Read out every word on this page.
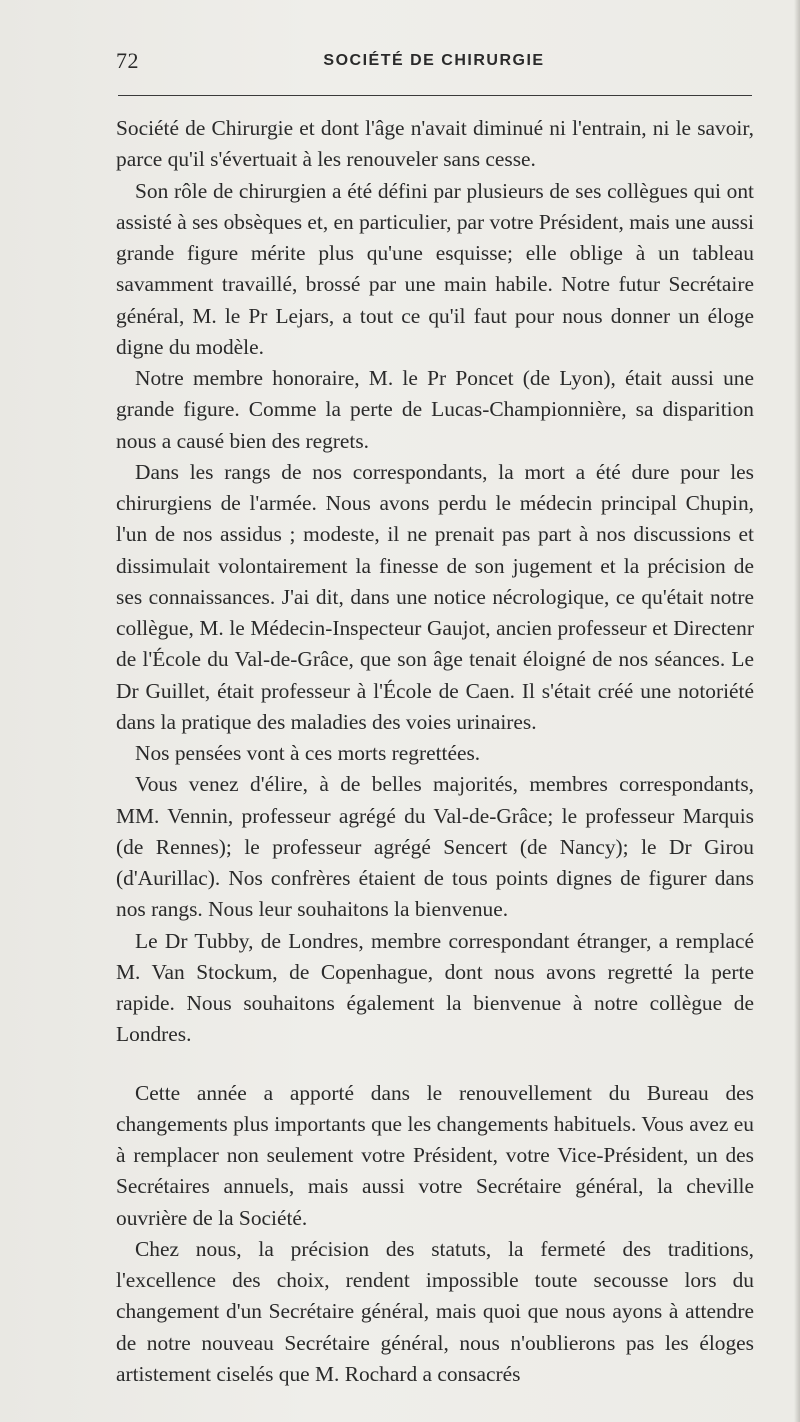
72	SOCIÉTÉ DE CHIRURGIE

Société de Chirurgie et dont l'âge n'avait diminué ni l'entrain, ni le savoir, parce qu'il s'évertuait à les renouveler sans cesse.

Son rôle de chirurgien a été défini par plusieurs de ses collègues qui ont assisté à ses obsèques et, en particulier, par votre Président, mais une aussi grande figure mérite plus qu'une esquisse; elle oblige à un tableau savamment travaillé, brossé par une main habile. Notre futur Secrétaire général, M. le Pr Lejars, a tout ce qu'il faut pour nous donner un éloge digne du modèle.

Notre membre honoraire, M. le Pr Poncet (de Lyon), était aussi une grande figure. Comme la perte de Lucas-Championnière, sa disparition nous a causé bien des regrets.

Dans les rangs de nos correspondants, la mort a été dure pour les chirurgiens de l'armée. Nous avons perdu le médecin principal Chupin, l'un de nos assidus ; modeste, il ne prenait pas part à nos discussions et dissimulait volontairement la finesse de son jugement et la précision de ses connaissances. J'ai dit, dans une notice nécrologique, ce qu'était notre collègue, M. le Médecin-Inspecteur Gaujot, ancien professeur et Directenr de l'École du Val-de-Grâce, que son âge tenait éloigné de nos séances. Le Dr Guillet, était professeur à l'École de Caen. Il s'était créé une notoriété dans la pratique des maladies des voies urinaires.

Nos pensées vont à ces morts regrettées.

Vous venez d'élire, à de belles majorités, membres correspondants, MM. Vennin, professeur agrégé du Val-de-Grâce; le professeur Marquis (de Rennes); le professeur agrégé Sencert (de Nancy); le Dr Girou (d'Aurillac). Nos confrères étaient de tous points dignes de figurer dans nos rangs. Nous leur souhaitons la bienvenue.

Le Dr Tubby, de Londres, membre correspondant étranger, a remplacé M. Van Stockum, de Copenhague, dont nous avons regretté la perte rapide. Nous souhaitons également la bienvenue à notre collègue de Londres.

Cette année a apporté dans le renouvellement du Bureau des changements plus importants que les changements habituels. Vous avez eu à remplacer non seulement votre Président, votre Vice-Président, un des Secrétaires annuels, mais aussi votre Secrétaire général, la cheville ouvrière de la Société.

Chez nous, la précision des statuts, la fermeté des traditions, l'excellence des choix, rendent impossible toute secousse lors du changement d'un Secrétaire général, mais quoi que nous ayons à attendre de notre nouveau Secrétaire général, nous n'oublierons pas les éloges artistement ciselés que M. Rochard a consacrés
